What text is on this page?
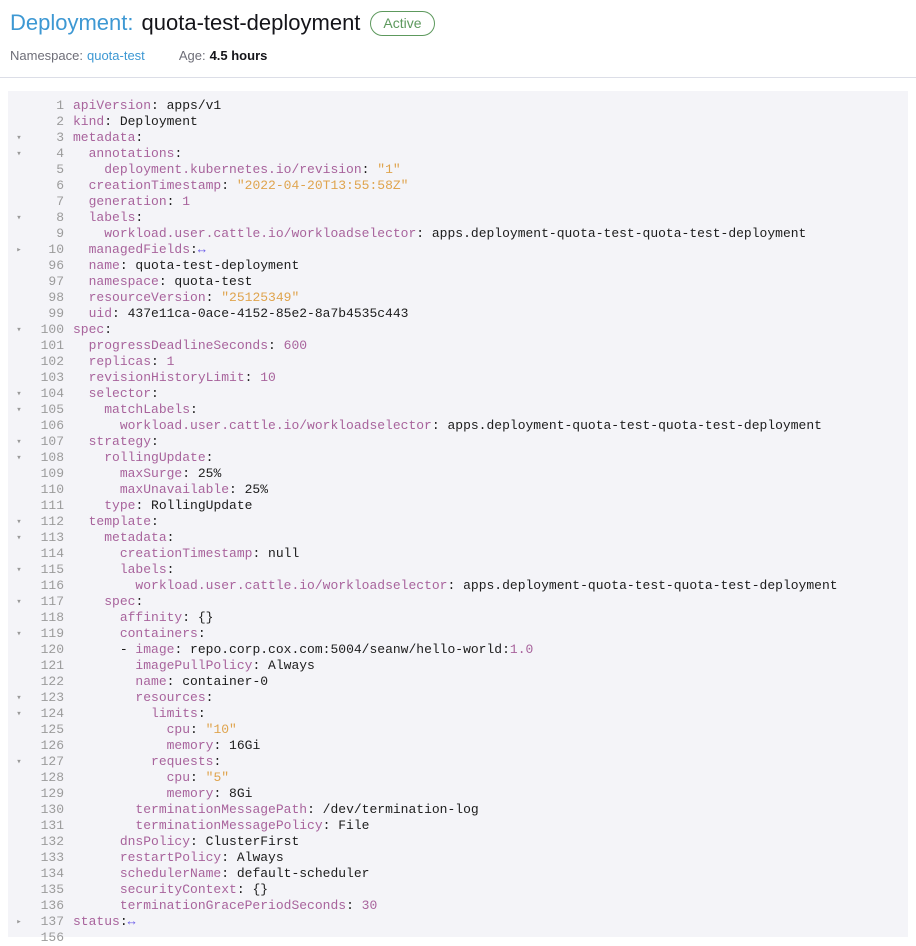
Deployment: quota-test-deployment	Active
Namespace: quota-test	Age: 4.5 hours
1 apiVersion: apps/v1
2 kind: Deployment
▾	3 metadata:
▾	4	annotations:
5	deployment.kubernetes.io/revision: "1"
6	creationTimestamp: "2022-04-20T13:55:58Z"
7	generation: 1
▾	8	labels:
9	workload.user.cattle.io/workloadselector: apps.deployment-quota-test-quota-test-deployment
▸	10	managedFields:↔
96	name: quota-test-deployment
97	namespace: quota-test
98	resourceVersion: "25125349"
99	uid: 437e11ca-0ace-4152-85e2-8a7b4535c443
▾	100 spec:
101	progressDeadlineSeconds: 600
102	replicas: 1
103	revisionHistoryLimit: 10
▾	104	selector:
▾	105	matchLabels:
106	workload.user.cattle.io/workloadselector: apps.deployment-quota-test-quota-test-deployment
▾	107	strategy:
▾	108	rollingUpdate:
109	maxSurge: 25%
110	maxUnavailable: 25%
111	type: RollingUpdate
▾	112	template:
▾	113	metadata:
114	creationTimestamp: null
▾	115	labels:
116	workload.user.cattle.io/workloadselector: apps.deployment-quota-test-quota-test-deployment
▾	117	spec:
118	affinity: {}
▾	119	containers:
120	- image: repo.corp.cox.com:5004/seanw/hello-world:1.0
121	imagePullPolicy: Always
122	name: container-0
▾	123	resources:
▾	124	limits:
125	cpu: "10"
126	memory: 16Gi
▾	127	requests:
128	cpu: "5"
129	memory: 8Gi
130	terminationMessagePath: /dev/termination-log
131	terminationMessagePolicy: File
132	dnsPolicy: ClusterFirst
133	restartPolicy: Always
134	schedulerName: default-scheduler
135	securityContext: {}
136	terminationGracePeriodSeconds: 30
▸	137 status:↔
156
